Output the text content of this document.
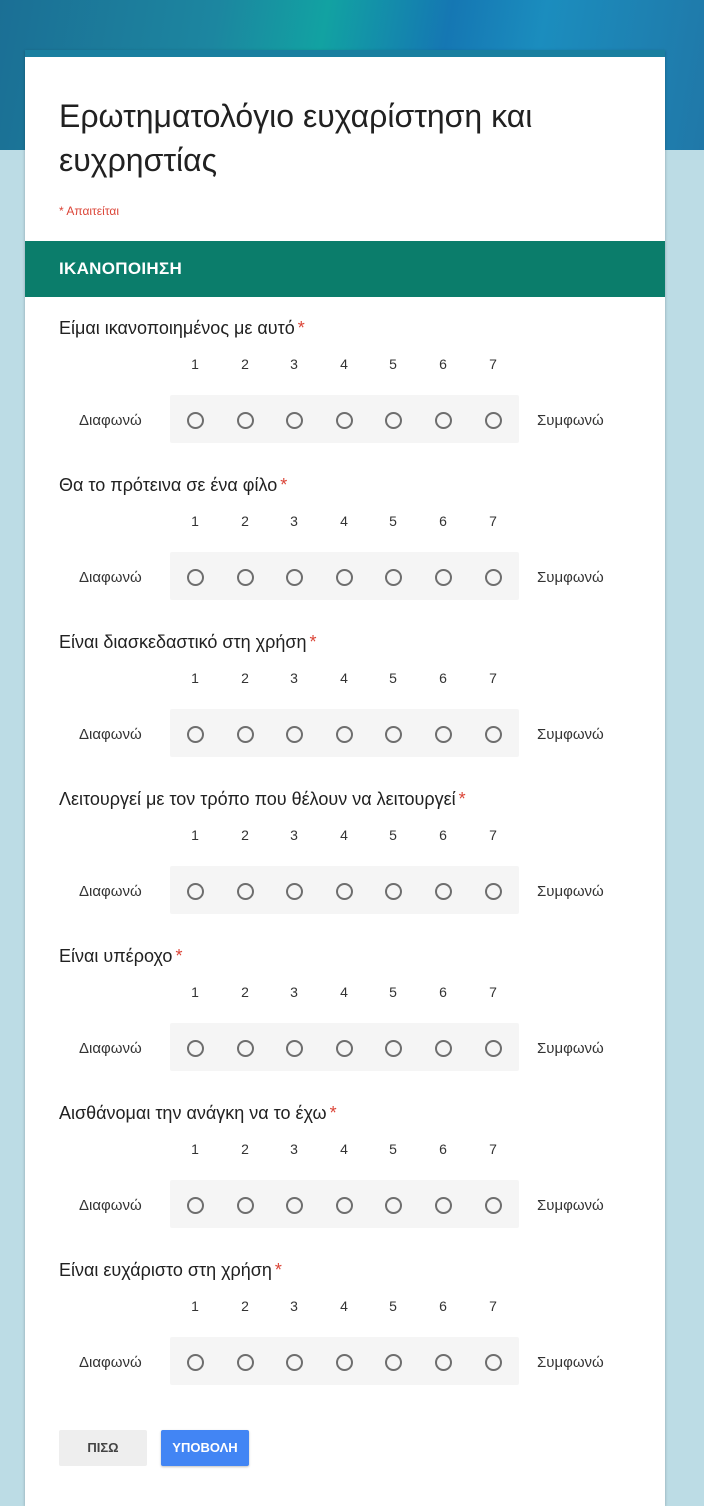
Ερωτηματολόγιο ευχαρίστηση και ευχρηστίας
* Απαιτείται
ΙΚΑΝΟΠΟΙΗΣΗ
Είμαι ικανοποιημένος με αυτό *
Διαφωνώ	Συμφωνώ
1	2	3	4	5	6	7
Θα το πρότεινα σε ένα φίλο *
Διαφωνώ	Συμφωνώ
1	2	3	4	5	6	7
Είναι διασκεδαστικό στη χρήση *
Διαφωνώ	Συμφωνώ
1	2	3	4	5	6	7
Λειτουργεί με τον τρόπο που θέλουν να λειτουργεί *
Διαφωνώ	Συμφωνώ
1	2	3	4	5	6	7
Είναι υπέροχο *
Διαφωνώ	Συμφωνώ
1	2	3	4	5	6	7
Αισθάνομαι την ανάγκη να το έχω *
Διαφωνώ	Συμφωνώ
1	2	3	4	5	6	7
Είναι ευχάριστο στη χρήση *
Διαφωνώ	Συμφωνώ
1	2	3	4	5	6	7
ΠΙΣΩ	ΥΠΟΒΟΛΗ
